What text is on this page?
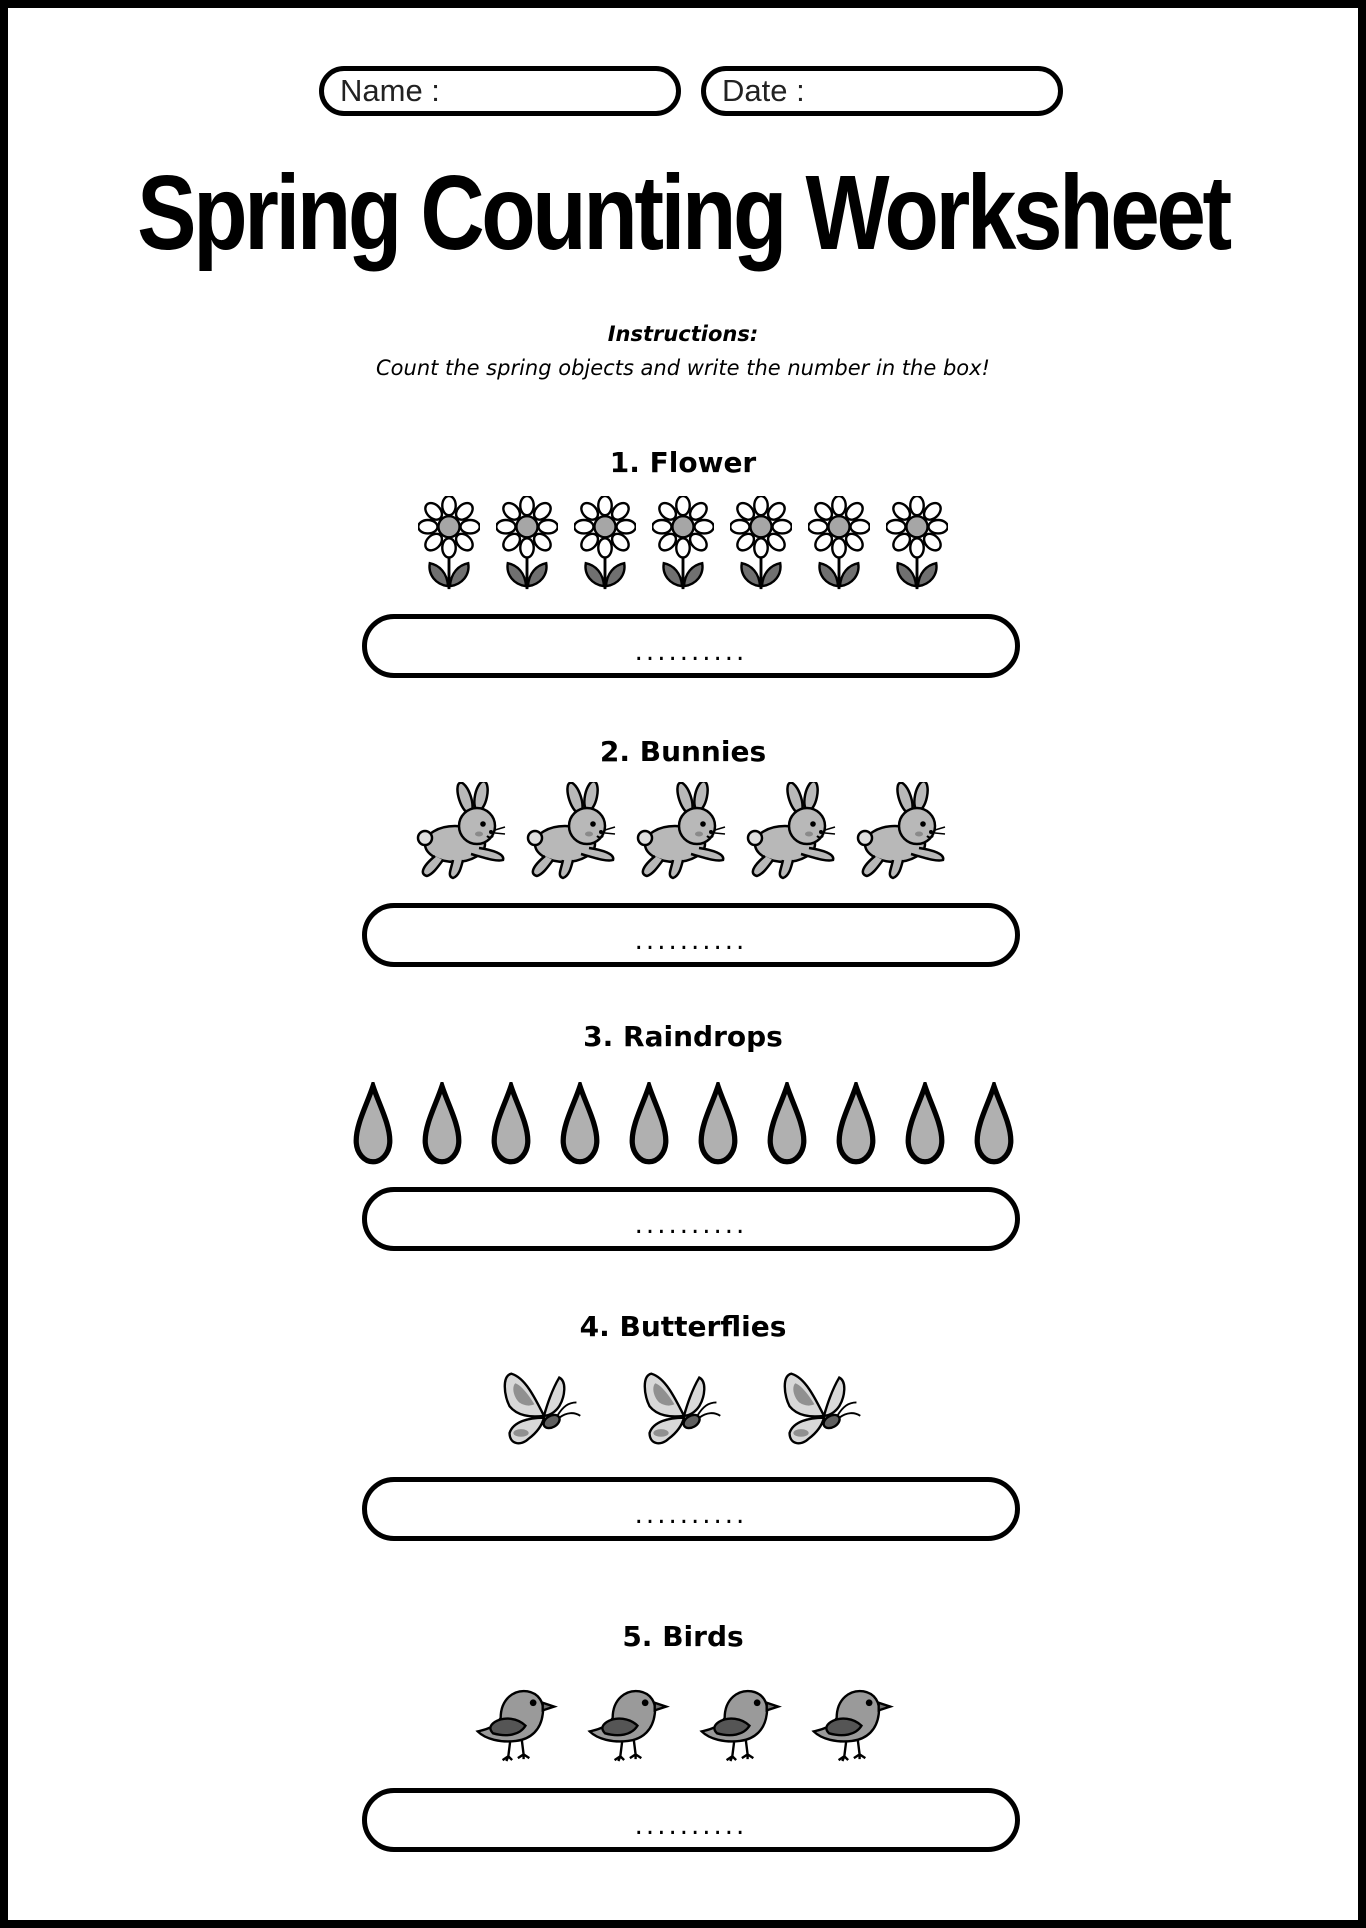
Name :	Date :
Spring Counting Worksheet
Instructions:
Count the spring objects and write the number in the box!
1. Flower
..........
2. Bunnies
..........
3. Raindrops
..........
4. Butterflies
..........
5. Birds
..........
